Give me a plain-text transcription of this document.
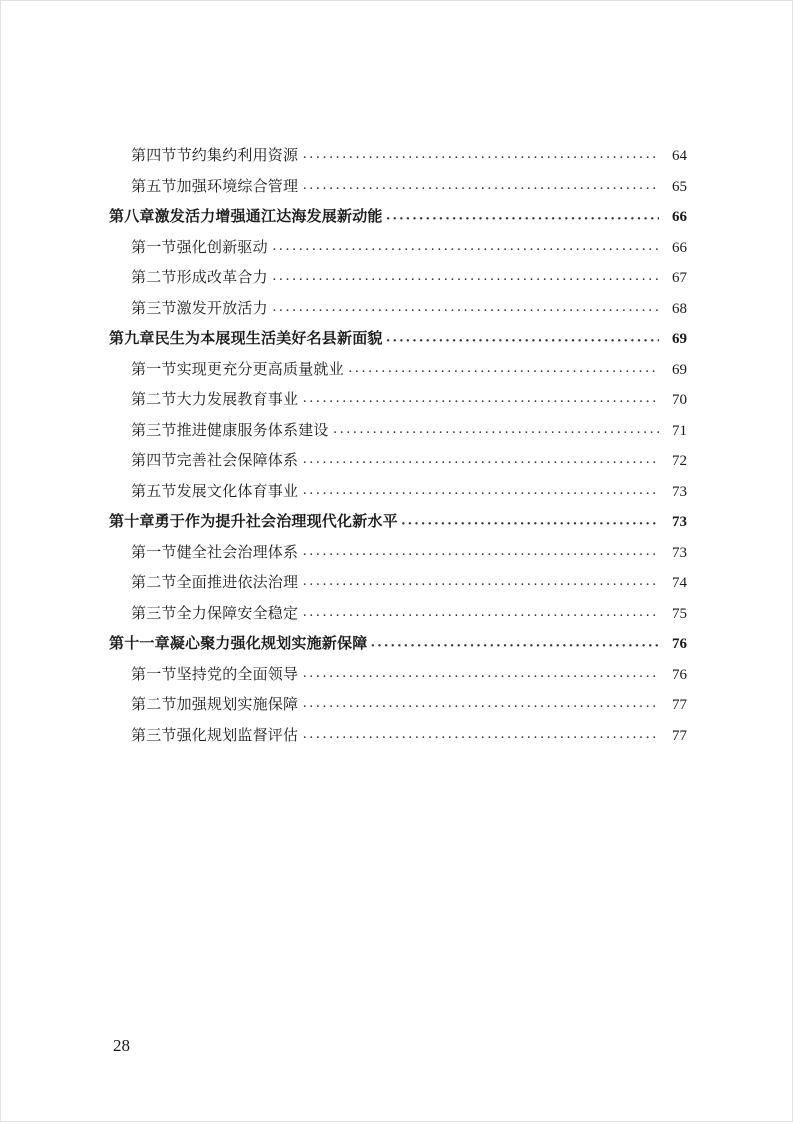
第四节节约集约利用资源 ·····	64
第五节加强环境综合管理 ·····	65
第八章激发活力增强通江达海发展新动能 ·····	66
第一节强化创新驱动 ·····	66
第二节形成改革合力 ·····	67
第三节激发开放活力 ·····	68
第九章民生为本展现生活美好名县新面貌 ·····	69
第一节实现更充分更高质量就业 ·····	69
第二节大力发展教育事业 ·····	70
第三节推进健康服务体系建设 ·····	71
第四节完善社会保障体系 ·····	72
第五节发展文化体育事业 ·····	73
第十章勇于作为提升社会治理现代化新水平 ·····	73
第一节健全社会治理体系 ·····	73
第二节全面推进依法治理 ·····	74
第三节全力保障安全稳定 ·····	75
第十一章凝心聚力强化规划实施新保障 ·····	76
第一节坚持党的全面领导 ·····	76
第二节加强规划实施保障 ·····	77
第三节强化规划监督评估 ·····	77
28
